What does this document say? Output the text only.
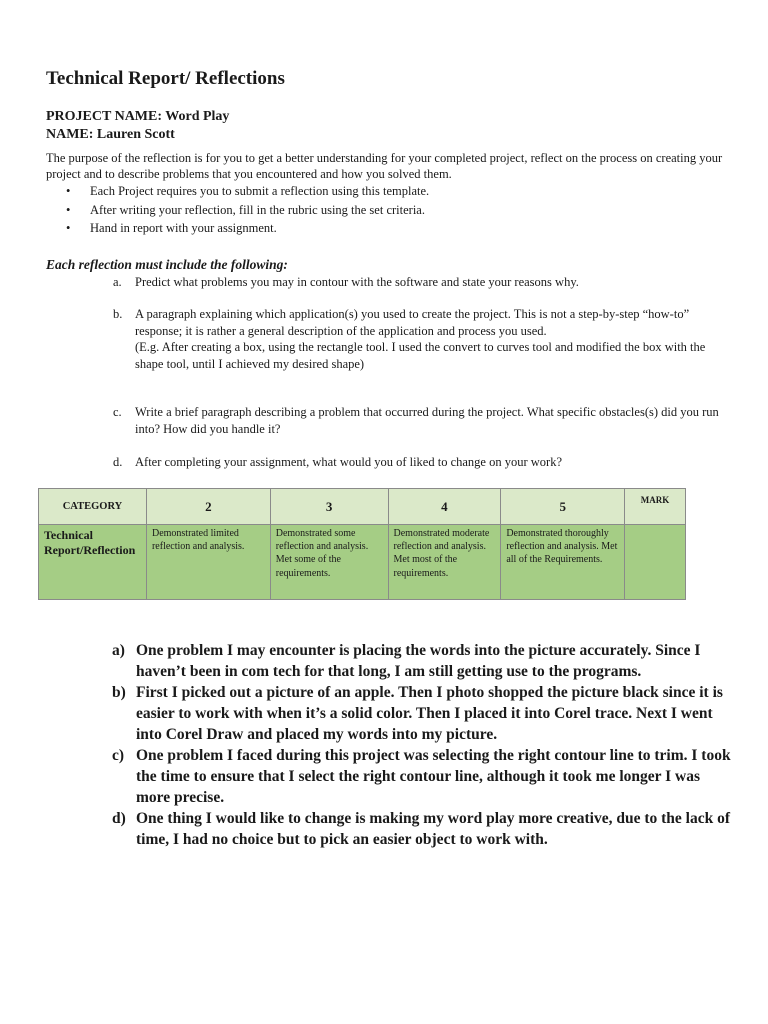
Technical Report/ Reflections
PROJECT NAME: Word Play
NAME: Lauren Scott
The purpose of the reflection is for you to get a better understanding for your completed project, reflect on the process on creating your project and to describe problems that you encountered and how you solved them.
• Each Project requires you to submit a reflection using this template.
• After writing your reflection, fill in the rubric using the set criteria.
• Hand in report with your assignment.
Each reflection must include the following:
a.	Predict what problems you may in contour with the software and state your reasons why.
b.	A paragraph explaining which application(s) you used to create the project. This is not a step-by-step “how-to” response; it is rather a general description of the application and process you used.
(E.g. After creating a box, using the rectangle tool. I used the convert to curves tool and modified the box with the shape tool, until I achieved my desired shape)
c.	Write a brief paragraph describing a problem that occurred during the project. What specific obstacles(s) did you run into? How did you handle it?
d.	After completing your assignment, what would you of liked to change on your work?
CATEGORY	2	3	4	5	MARK
Technical Report/Reflection	Demonstrated limited reflection and analysis.	Demonstrated some reflection and analysis. Met some of the requirements.	Demonstrated moderate reflection and analysis. Met most of the requirements.	Demonstrated thoroughly reflection and analysis. Met all of the Requirements.	
a) One problem I may encounter is placing the words into the picture accurately. Since I haven’t been in com tech for that long, I am still getting use to the programs.
b) First I picked out a picture of an apple. Then I photo shopped the picture black since it is easier to work with when it’s a solid color. Then I placed it into Corel trace. Next I went into Corel Draw and placed my words into my picture.
c) One problem I faced during this project was selecting the right contour line to trim. I took the time to ensure that I select the right contour line, although it took me longer I was more precise.
d) One thing I would like to change is making my word play more creative, due to the lack of time, I had no choice but to pick an easier object to work with.
